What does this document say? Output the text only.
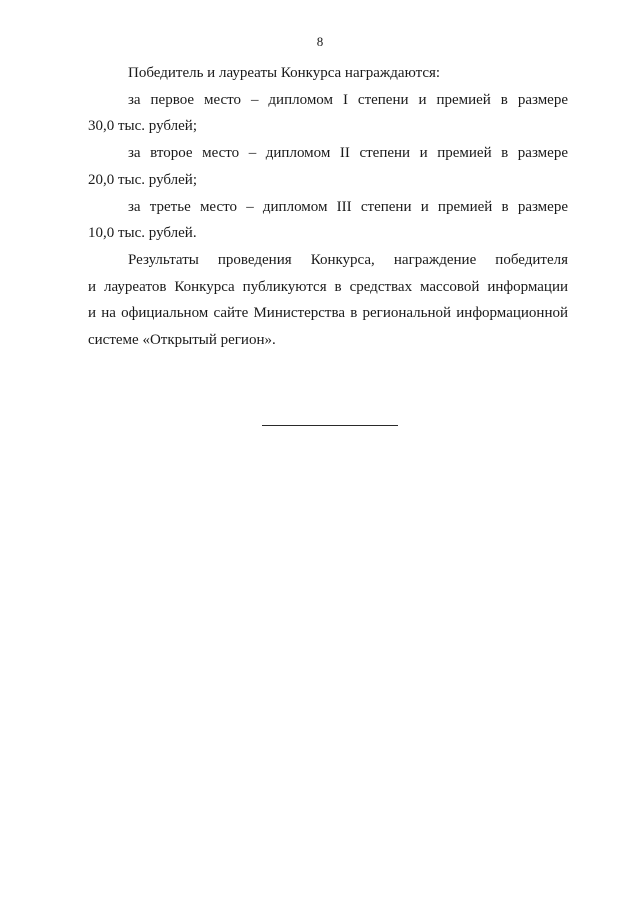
8
Победитель и лауреаты Конкурса награждаются:
за первое место – дипломом I степени и премией в размере
30,0 тыс. рублей;
за второе место – дипломом II степени и премией в размере
20,0 тыс. рублей;
за третье место – дипломом III степени и премией в размере
10,0 тыс. рублей.
Результаты проведения Конкурса, награждение победителя
и лауреатов Конкурса публикуются в средствах массовой информации
и на официальном сайте Министерства в региональной информационной
системе «Открытый регион».
